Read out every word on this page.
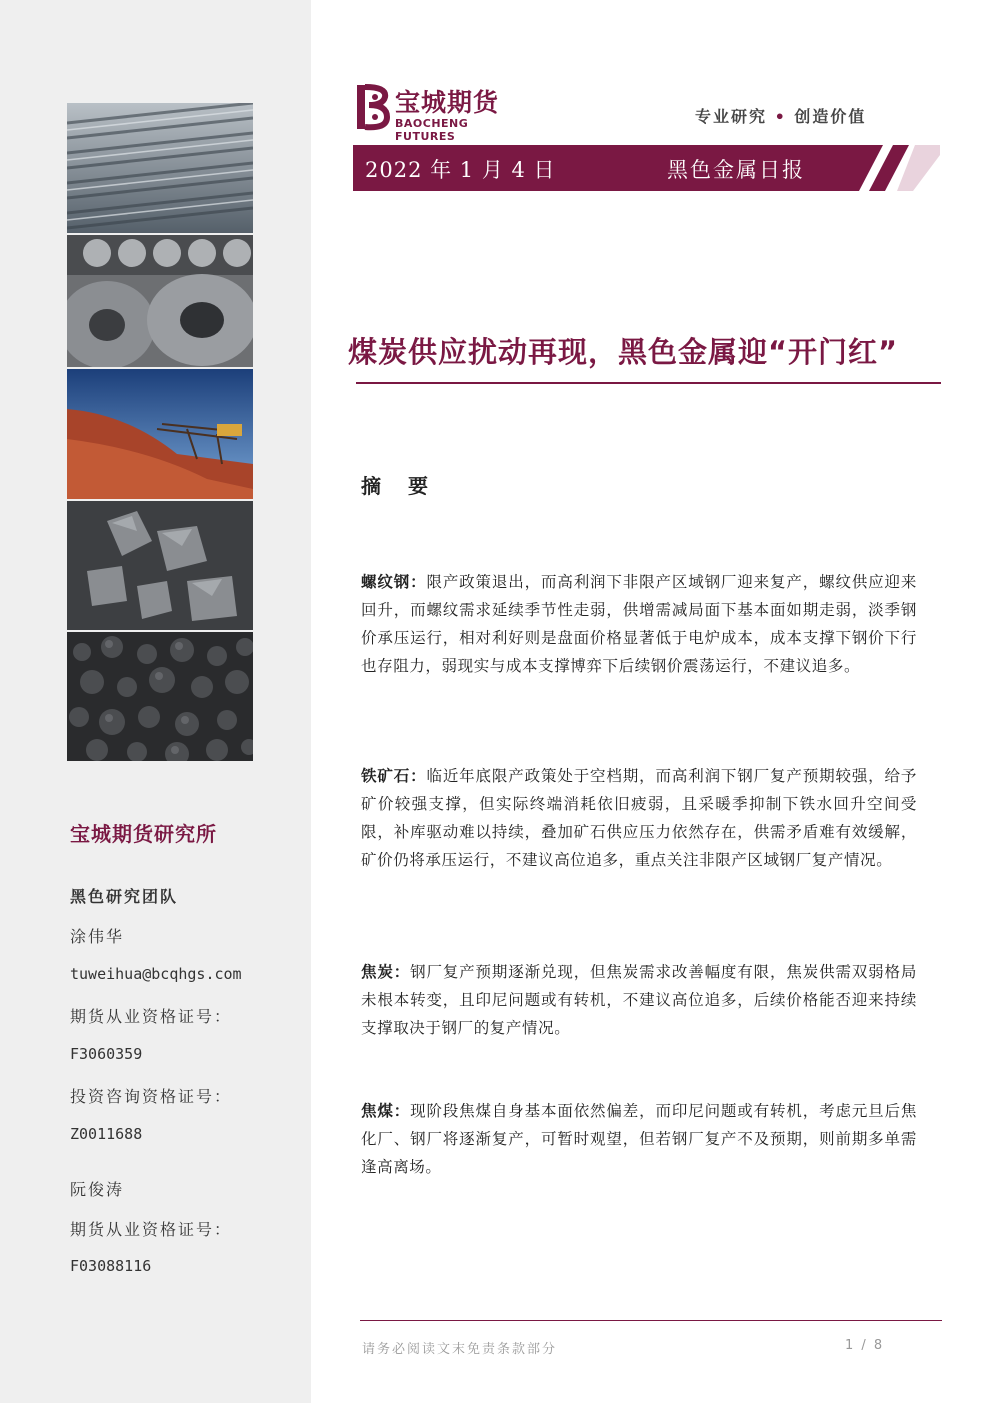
宝城期货研究所
黑色研究团队
涂伟华
tuweihua@bcqhgs.com
期货从业资格证号：
F3060359
投资咨询资格证号：
Z0011688
阮俊涛
期货从业资格证号：
F03088116
宝城期货
BAOCHENG FUTURES
专业研究 • 创造价值
2022 年 1 月 4 日	黑色金属日报
煤炭供应扰动再现，黑色金属迎“开门红”
摘 要
螺纹钢：限产政策退出，而高利润下非限产区域钢厂迎来复产，螺纹供应迎来回升，而螺纹需求延续季节性走弱，供增需减局面下基本面如期走弱，淡季钢价承压运行，相对利好则是盘面价格显著低于电炉成本，成本支撑下钢价下行也存阻力，弱现实与成本支撑博弈下后续钢价震荡运行，不建议追多。
铁矿石：临近年底限产政策处于空档期，而高利润下钢厂复产预期较强，给予矿价较强支撑，但实际终端消耗依旧疲弱，且采暖季抑制下铁水回升空间受限，补库驱动难以持续，叠加矿石供应压力依然存在，供需矛盾难有效缓解，矿价仍将承压运行，不建议高位追多，重点关注非限产区域钢厂复产情况。
焦炭：钢厂复产预期逐渐兑现，但焦炭需求改善幅度有限，焦炭供需双弱格局未根本转变，且印尼问题或有转机，不建议高位追多，后续价格能否迎来持续支撑取决于钢厂的复产情况。
焦煤：现阶段焦煤自身基本面依然偏差，而印尼问题或有转机，考虑元旦后焦化厂、钢厂将逐渐复产，可暂时观望，但若钢厂复产不及预期，则前期多单需逢高离场。
请务必阅读文末免责条款部分	1 / 8
